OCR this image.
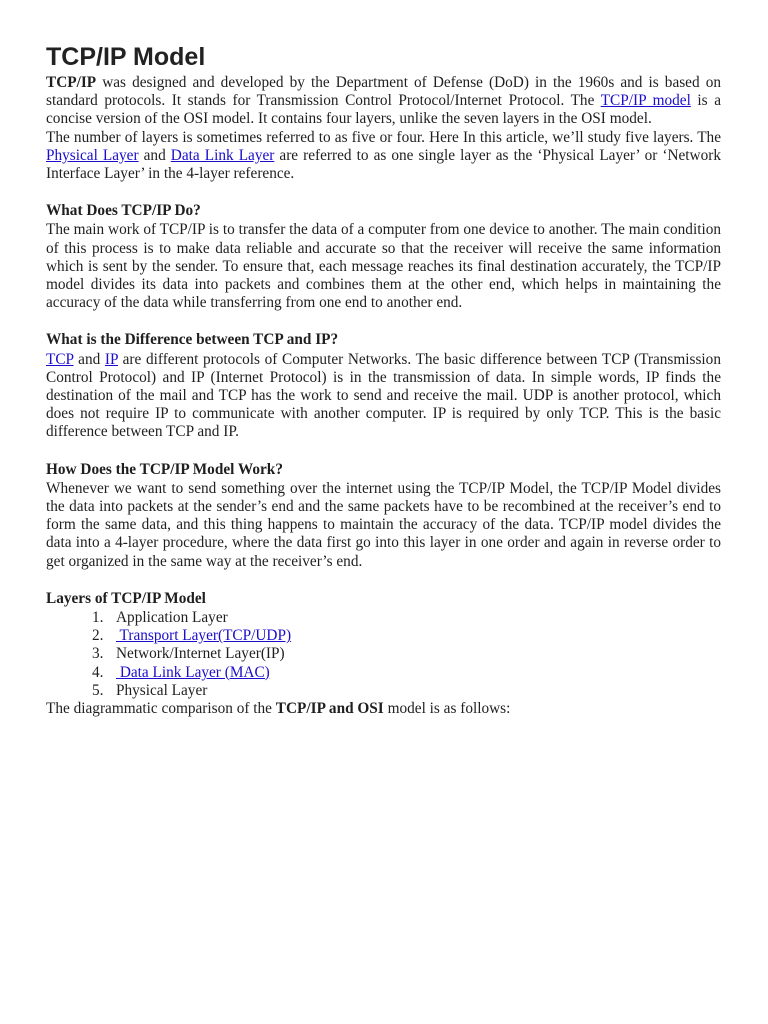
TCP/IP Model

TCP/IP was designed and developed by the Department of Defense (DoD) in the 1960s and is based on standard protocols. It stands for Transmission Control Protocol/Internet Protocol. The TCP/IP model is a concise version of the OSI model. It contains four layers, unlike the seven layers in the OSI model.

The number of layers is sometimes referred to as five or four. Here In this article, we’ll study five layers. The Physical Layer and Data Link Layer are referred to as one single layer as the ‘Physical Layer’ or ‘Network Interface Layer’ in the 4-layer reference.

What Does TCP/IP Do?

The main work of TCP/IP is to transfer the data of a computer from one device to another. The main condition of this process is to make data reliable and accurate so that the receiver will receive the same information which is sent by the sender. To ensure that, each message reaches its final destination accurately, the TCP/IP model divides its data into packets and combines them at the other end, which helps in maintaining the accuracy of the data while transferring from one end to another end.

What is the Difference between TCP and IP?

TCP and IP are different protocols of Computer Networks. The basic difference between TCP (Transmission Control Protocol) and IP (Internet Protocol) is in the transmission of data. In simple words, IP finds the destination of the mail and TCP has the work to send and receive the mail. UDP is another protocol, which does not require IP to communicate with another computer. IP is required by only TCP. This is the basic difference between TCP and IP.

How Does the TCP/IP Model Work?

Whenever we want to send something over the internet using the TCP/IP Model, the TCP/IP Model divides the data into packets at the sender’s end and the same packets have to be recombined at the receiver’s end to form the same data, and this thing happens to maintain the accuracy of the data. TCP/IP model divides the data into a 4-layer procedure, where the data first go into this layer in one order and again in reverse order to get organized in the same way at the receiver’s end.

Layers of TCP/IP Model
1. Application Layer
2. Transport Layer(TCP/UDP)
3. Network/Internet Layer(IP)
4. Data Link Layer (MAC)
5. Physical Layer

The diagrammatic comparison of the TCP/IP and OSI model is as follows:
